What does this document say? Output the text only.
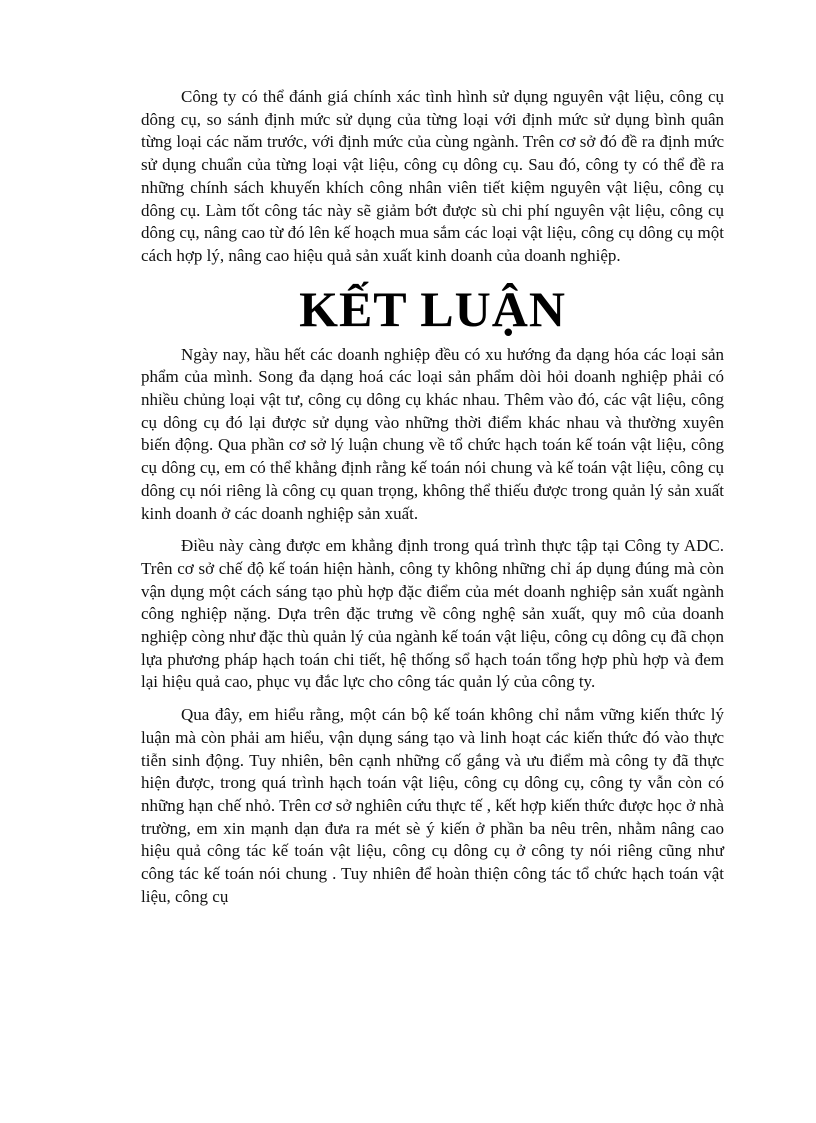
Công ty có thể đánh giá chính xác tình hình sử dụng nguyên vật liệu, công cụ dông cụ, so sánh định mức sử dụng của từng loại với định mức sử dụng bình quân từng loại các năm trước, với định mức của cùng ngành. Trên cơ sở đó đề ra định mức sử dụng chuẩn của từng loại vật liệu, công cụ dông cụ. Sau đó, công ty có thể đề ra những chính sách khuyến khích công nhân viên tiết kiệm nguyên vật liệu, công cụ dông cụ. Làm tốt công tác này sẽ giảm bớt được sù chi phí nguyên vật liệu, công cụ dông cụ, nâng cao từ đó lên kế hoạch mua sắm các loại vật liệu, công cụ dông cụ một cách hợp lý, nâng cao hiệu quả sản xuất kinh doanh của doanh nghiệp.

KẾT LUẬN

Ngày nay, hầu hết các doanh nghiệp đều có xu hướng đa dạng hóa các loại sản phẩm của mình. Song đa dạng hoá các loại sản phẩm dòi hỏi doanh nghiệp phải có nhiều chủng loại vật tư, công cụ dông cụ khác nhau. Thêm vào đó, các vật liệu, công cụ dông cụ đó lại được sử dụng vào những thời điểm khác nhau và thường xuyên biến động. Qua phần cơ sở lý luận chung về tổ chức hạch toán kế toán vật liệu, công cụ dông cụ, em có thể khẳng định rằng kế toán nói chung và kế toán vật liệu, công cụ dông cụ nói riêng là công cụ quan trọng, không thể thiếu được trong quản lý sản xuất kinh doanh ở các doanh nghiệp sản xuất.

Điều này càng được em khẳng định trong quá trình thực tập tại Công ty ADC. Trên cơ sở chế độ kế toán hiện hành, công ty không những chỉ áp dụng đúng mà còn vận dụng một cách sáng tạo phù hợp đặc điểm của mét doanh nghiệp sản xuất ngành công nghiệp nặng. Dựa trên đặc trưng về công nghệ sản xuất, quy mô của doanh nghiệp còng như đặc thù quản lý của ngành kế toán vật liệu, công cụ dông cụ đã chọn lựa phương pháp hạch toán chi tiết, hệ thống sổ hạch toán tổng hợp phù hợp và đem lại hiệu quả cao, phục vụ đắc lực cho công tác quản lý của công ty.

Qua đây, em hiểu rằng, một cán bộ kế toán không chỉ nắm vững kiến thức lý luận mà còn phải am hiểu, vận dụng sáng tạo và linh hoạt các kiến thức đó vào thực tiễn sinh động. Tuy nhiên, bên cạnh những cố gắng và ưu điểm mà công ty đã thực hiện được, trong quá trình hạch toán vật liệu, công cụ dông cụ, công ty vẫn còn có những hạn chế nhỏ. Trên cơ sở nghiên cứu thực tế , kết hợp kiến thức được học ở nhà trường, em xin mạnh dạn đưa ra mét sè ý kiến ở phần ba nêu trên, nhằm nâng cao hiệu quả công tác kế toán vật liệu, công cụ dông cụ ở công ty nói riêng cũng như công tác kế toán nói chung . Tuy nhiên để hoàn thiện công tác tổ chức hạch toán vật liệu, công cụ
